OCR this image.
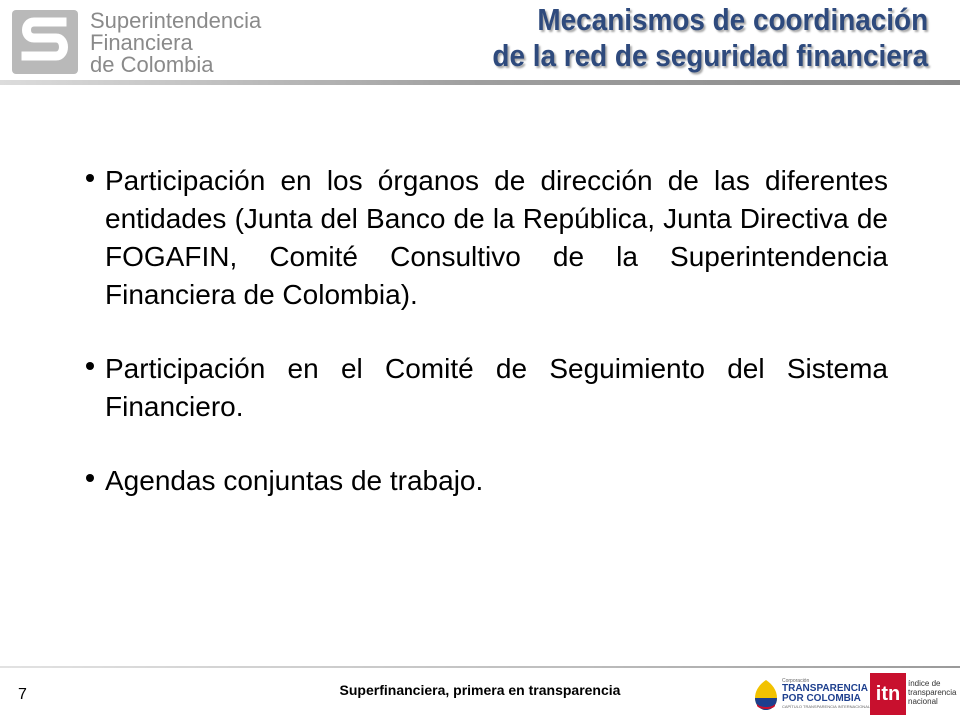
Superintendencia
Financiera
de Colombia
Mecanismos de coordinación
de la red de seguridad financiera
Participación en los órganos de dirección de las diferentes entidades (Junta del Banco de la República, Junta Directiva de FOGAFIN, Comité Consultivo de la Superintendencia Financiera de Colombia).
Participación en el Comité de Seguimiento del Sistema Financiero.
Agendas conjuntas de trabajo.
7	Superfinanciera, primera en transparencia
Corporación
TRANSPARENCIA
POR COLOMBIA
CAPÍTULO TRANSPARENCIA INTERNACIONAL
itn índice de
transparencia
nacional
